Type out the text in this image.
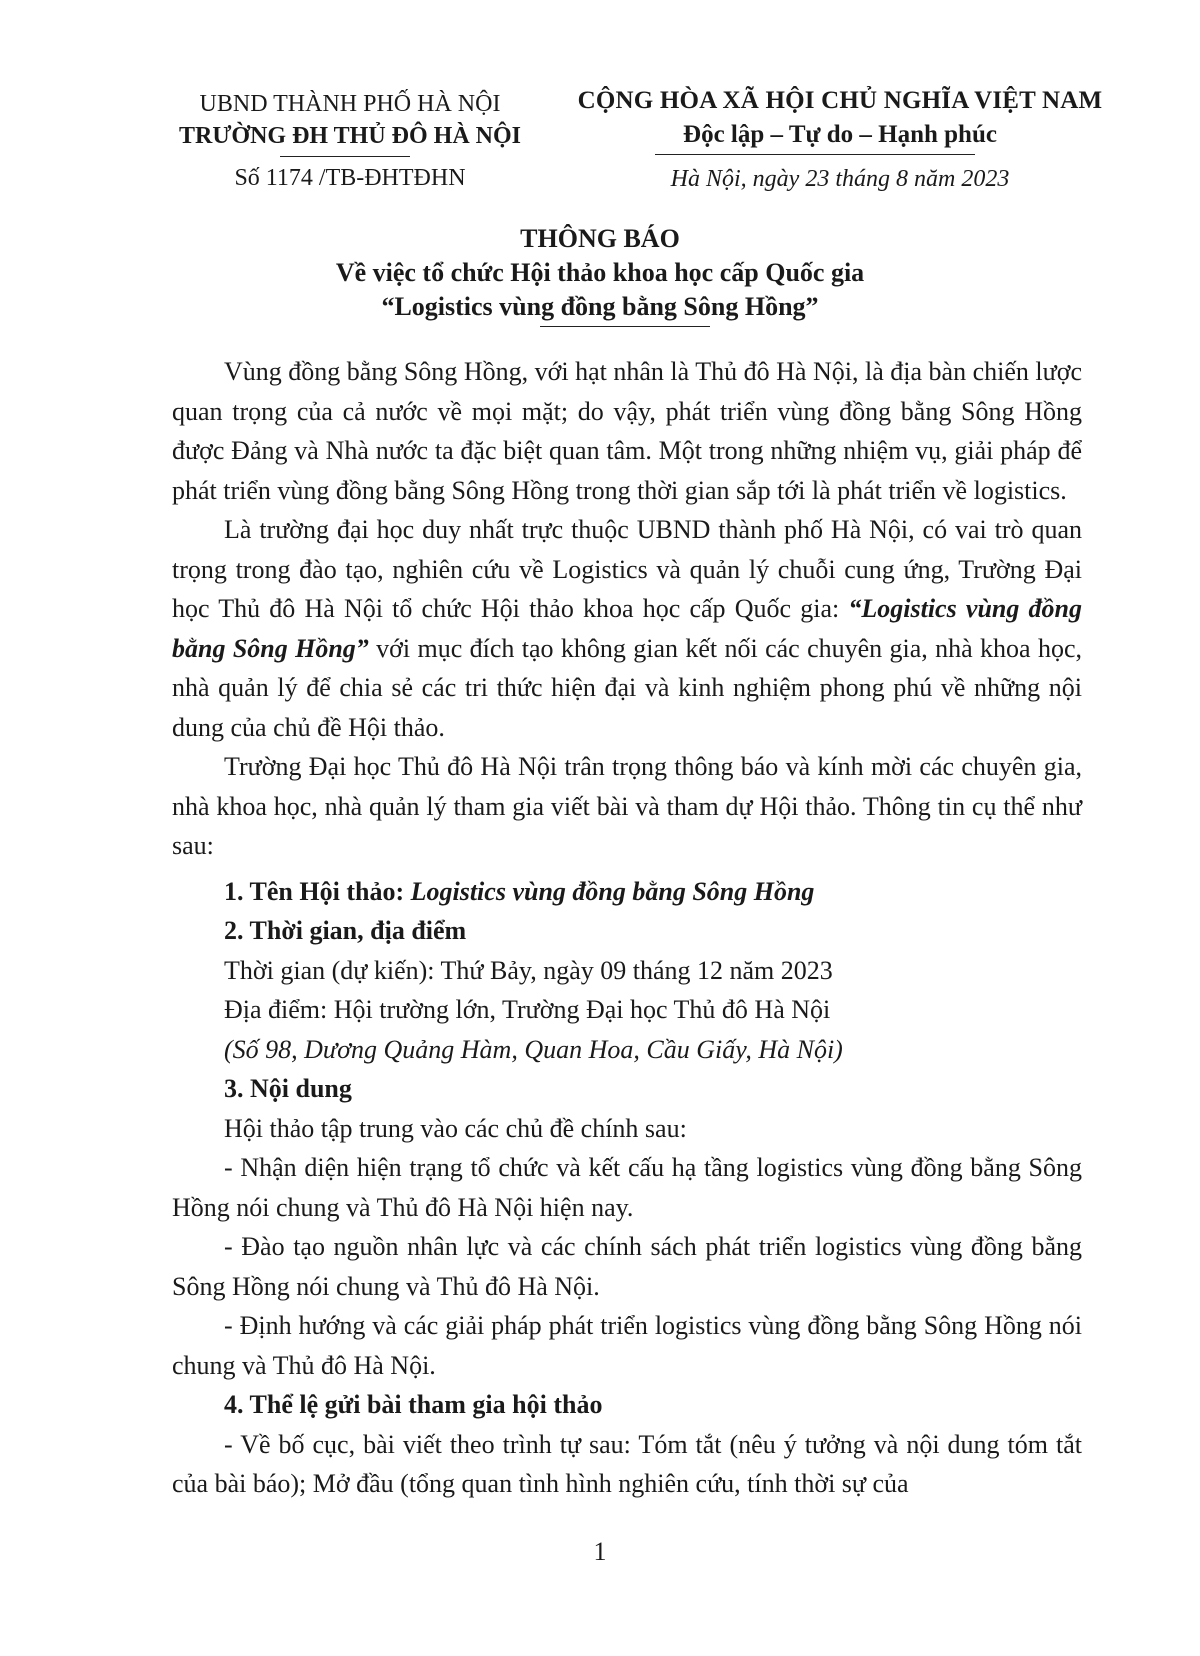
UBND THÀNH PHỐ HÀ NỘI
TRƯỜNG ĐH THỦ ĐÔ HÀ NỘI
Số 1174 /TB-ĐHTĐHN
CỘNG HÒA XÃ HỘI CHỦ NGHĨA VIỆT NAM
Độc lập – Tự do – Hạnh phúc
Hà Nội, ngày 23 tháng 8 năm 2023
THÔNG BÁO
Về việc tổ chức Hội thảo khoa học cấp Quốc gia
“Logistics vùng đồng bằng Sông Hồng”

Vùng đồng bằng Sông Hồng, với hạt nhân là Thủ đô Hà Nội, là địa bàn chiến lược quan trọng của cả nước về mọi mặt; do vậy, phát triển vùng đồng bằng Sông Hồng được Đảng và Nhà nước ta đặc biệt quan tâm. Một trong những nhiệm vụ, giải pháp để phát triển vùng đồng bằng Sông Hồng trong thời gian sắp tới là phát triển về logistics.

Là trường đại học duy nhất trực thuộc UBND thành phố Hà Nội, có vai trò quan trọng trong đào tạo, nghiên cứu về Logistics và quản lý chuỗi cung ứng, Trường Đại học Thủ đô Hà Nội tổ chức Hội thảo khoa học cấp Quốc gia: “Logistics vùng đồng bằng Sông Hồng” với mục đích tạo không gian kết nối các chuyên gia, nhà khoa học, nhà quản lý để chia sẻ các tri thức hiện đại và kinh nghiệm phong phú về những nội dung của chủ đề Hội thảo.

Trường Đại học Thủ đô Hà Nội trân trọng thông báo và kính mời các chuyên gia, nhà khoa học, nhà quản lý tham gia viết bài và tham dự Hội thảo. Thông tin cụ thể như sau:

1. Tên Hội thảo: Logistics vùng đồng bằng Sông Hồng

2. Thời gian, địa điểm

Thời gian (dự kiến): Thứ Bảy, ngày 09 tháng 12 năm 2023

Địa điểm: Hội trường lớn, Trường Đại học Thủ đô Hà Nội

(Số 98, Dương Quảng Hàm, Quan Hoa, Cầu Giấy, Hà Nội)

3. Nội dung

Hội thảo tập trung vào các chủ đề chính sau:

- Nhận diện hiện trạng tổ chức và kết cấu hạ tầng logistics vùng đồng bằng Sông Hồng nói chung và Thủ đô Hà Nội hiện nay.

- Đào tạo nguồn nhân lực và các chính sách phát triển logistics vùng đồng bằng Sông Hồng nói chung và Thủ đô Hà Nội.

- Định hướng và các giải pháp phát triển logistics vùng đồng bằng Sông Hồng nói chung và Thủ đô Hà Nội.

4. Thể lệ gửi bài tham gia hội thảo

- Về bố cục, bài viết theo trình tự sau: Tóm tắt (nêu ý tưởng và nội dung tóm tắt của bài báo); Mở đầu (tổng quan tình hình nghiên cứu, tính thời sự của

1
